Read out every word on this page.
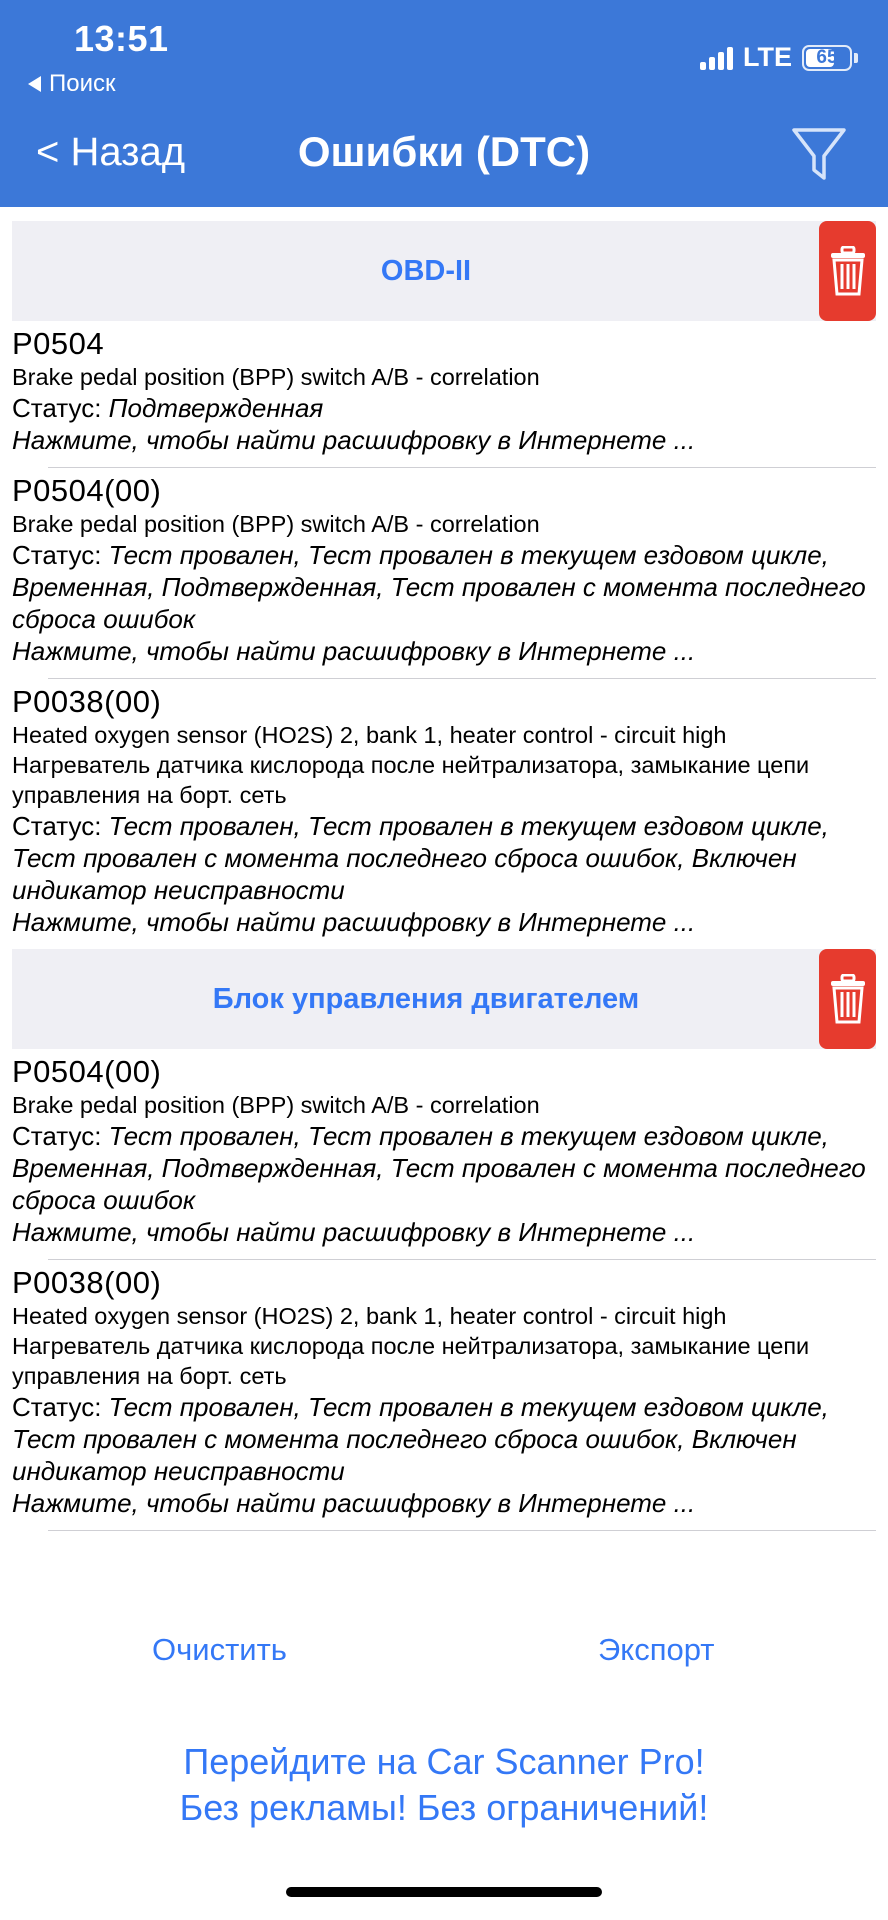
13:51
Поиск
LTE 65
< Назад	Ошибки (DTC)
OBD-II
P0504
Brake pedal position (BPP) switch A/B - correlation
Статус: Подтвержденная
Нажмите, чтобы найти расшифровку в Интернете ...
P0504(00)
Brake pedal position (BPP) switch A/B - correlation
Статус: Тест провален, Тест провален в текущем ездовом цикле, Временная, Подтвержденная, Тест провален с момента последнего сброса ошибок
Нажмите, чтобы найти расшифровку в Интернете ...
P0038(00)
Heated oxygen sensor (HO2S) 2, bank 1, heater control - circuit high
Нагреватель датчика кислорода после нейтрализатора, замыкание цепи управления на борт. сеть
Статус: Тест провален, Тест провален в текущем ездовом цикле, Тест провален с момента последнего сброса ошибок, Включен индикатор неисправности
Нажмите, чтобы найти расшифровку в Интернете ...
Блок управления двигателем
P0504(00)
Brake pedal position (BPP) switch A/B - correlation
Статус: Тест провален, Тест провален в текущем ездовом цикле, Временная, Подтвержденная, Тест провален с момента последнего сброса ошибок
Нажмите, чтобы найти расшифровку в Интернете ...
P0038(00)
Heated oxygen sensor (HO2S) 2, bank 1, heater control - circuit high
Нагреватель датчика кислорода после нейтрализатора, замыкание цепи управления на борт. сеть
Статус: Тест провален, Тест провален в текущем ездовом цикле, Тест провален с момента последнего сброса ошибок, Включен индикатор неисправности
Нажмите, чтобы найти расшифровку в Интернете ...
Очистить	Экспорт
Перейдите на Car Scanner Pro!
Без рекламы! Без ограничений!
